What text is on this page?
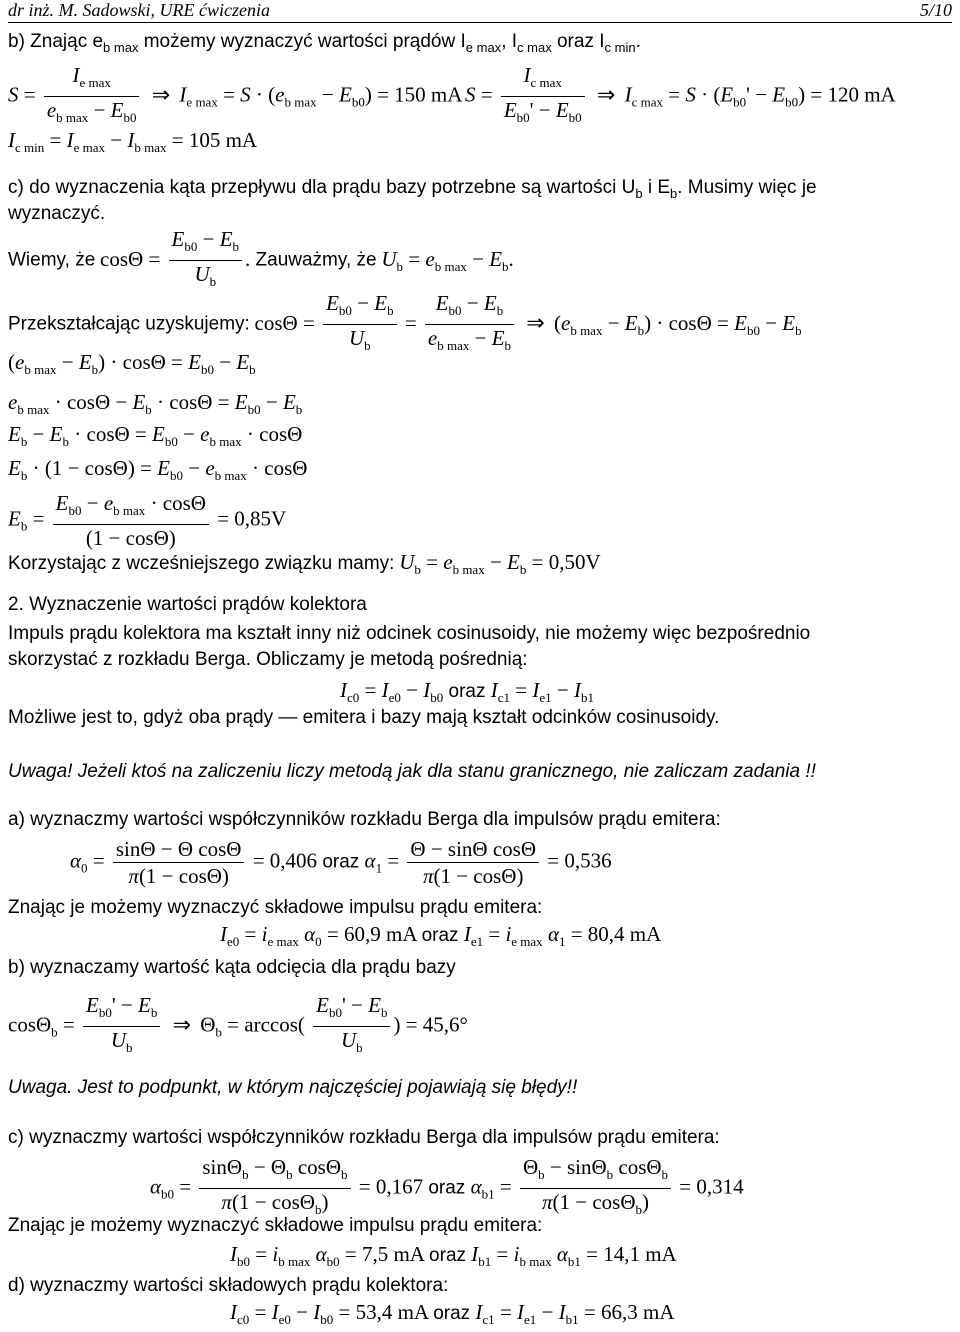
dr inż. M. Sadowski, URE ćwiczenia	5/10
b) Znając $e_{b max}$ możemy wyznaczyć wartości prądów $I_{e max}$, $I_{c max}$ oraz $I_{c min}$.
$S = \frac{I_{e max}}{e_{b max} - E_{b0}}$ ⇒ $I_{e max} = S \cdot (e_{b max} - E_{b0}) = 150$ mA $S = \frac{I_{c max}}{E_{b0}' - E_{b0}}$ ⇒ $I_{c max} = S \cdot (E_{b0}' - E_{b0}) = 120$ mA
$I_{c min} = I_{e max} - I_{b max} = 105$ mA
c) do wyznaczenia kąta przepływu dla prądu bazy potrzebne są wartości $U_b$ i $E_b$. Musimy więc je
wyznaczyć.
Wiemy, że $\cos\Theta = \frac{E_{b0} - E_b}{U_b}$ . Zauważmy, że $U_b = e_{b max} - E_b$.
Przekształcając uzyskujemy: $\cos\Theta = \frac{E_{b0} - E_b}{U_b} = \frac{E_{b0} - E_b}{e_{b max} - E_b}$ ⇒ $(e_{b max} - E_b) \cdot \cos\Theta = E_{b0} - E_b$
$(e_{b max} - E_b) \cdot \cos\Theta = E_{b0} - E_b$
$e_{b max} \cdot \cos\Theta - E_b \cdot \cos\Theta = E_{b0} - E_b$
$E_b - E_b \cdot \cos\Theta = E_{b0} - e_{b max} \cdot \cos\Theta$
$E_b \cdot (1 - \cos\Theta) = E_{b0} - e_{b max} \cdot \cos\Theta$
$E_b = \frac{E_{b0} - e_{b max} \cdot \cos\Theta}{(1 - \cos\Theta)} = 0,85V$
Korzystając z wcześniejszego związku mamy: $U_b = e_{b max} - E_b = 0,50V$
2. Wyznaczenie wartości prądów kolektora
Impuls prądu kolektora ma kształt inny niż odcinek cosinusoidy, nie możemy więc bezpośrednio
skorzystać z rozkładu Berga. Obliczamy je metodą pośrednią:
$I_{c0} = I_{e0} - I_{b0}$ oraz $I_{c1} = I_{e1} - I_{b1}$
Możliwe jest to, gdyż oba prądy — emitera i bazy mają kształt odcinków cosinusoidy.
Uwaga! Jeżeli ktoś na zaliczeniu liczy metodą jak dla stanu granicznego, nie zaliczam zadania !!
a) wyznaczmy wartości współczynników rozkładu Berga dla impulsów prądu emitera:
$\alpha_0 = \frac{\text{sinΘ − Θ cosΘ}}{\pi(1 - \cos\Theta)} = 0,406$ oraz $\alpha_1 = \frac{\text{Θ − sinΘ cosΘ}}{\pi(1 - \cos\Theta)} = 0,536$
Znając je możemy wyznaczyć składowe impulsu prądu emitera:
$I_{e0} = i_{e max}$ $\alpha_0 = 60,9$ mA oraz $I_{e1} = i_{e max}$ $\alpha_1 = 80,4$ mA
b) wyznaczamy wartość kąta odcięcia dla prądu bazy
$\cos\Theta_b = \frac{E_{b0}' - E_b}{U_b}$ ⇒ $\Theta_b = \arccos( \frac{E_{b0}' - E_b}{U_b}$ ) = 45,6°
Uwaga. Jest to podpunkt, w którym najczęściej pojawiają się błędy!!
c) wyznaczmy wartości współczynników rozkładu Berga dla impulsów prądu emitera:
$\alpha_{b0} = \frac{\sin\Theta_b - \Theta_b \cos\Theta_b}{\pi(1 - \cos\Theta_b)} = 0,167$ oraz $\alpha_{b1} = \frac{\Theta_b - \sin\Theta_b \cos\Theta_b}{\pi(1 - \cos\Theta_b)} = 0,314$
Znając je możemy wyznaczyć składowe impulsu prądu emitera:
$I_{b0} = i_{b max}$ $\alpha_{b0} = 7,5$ mA oraz $I_{b1} = i_{b max}$ $\alpha_{b1} = 14,1$ mA
d) wyznaczmy wartości składowych prądu kolektora:
$I_{c0} = I_{e0} - I_{b0} = 53,4$ mA oraz $I_{c1} = I_{e1} - I_{b1} = 66,3$ mA
